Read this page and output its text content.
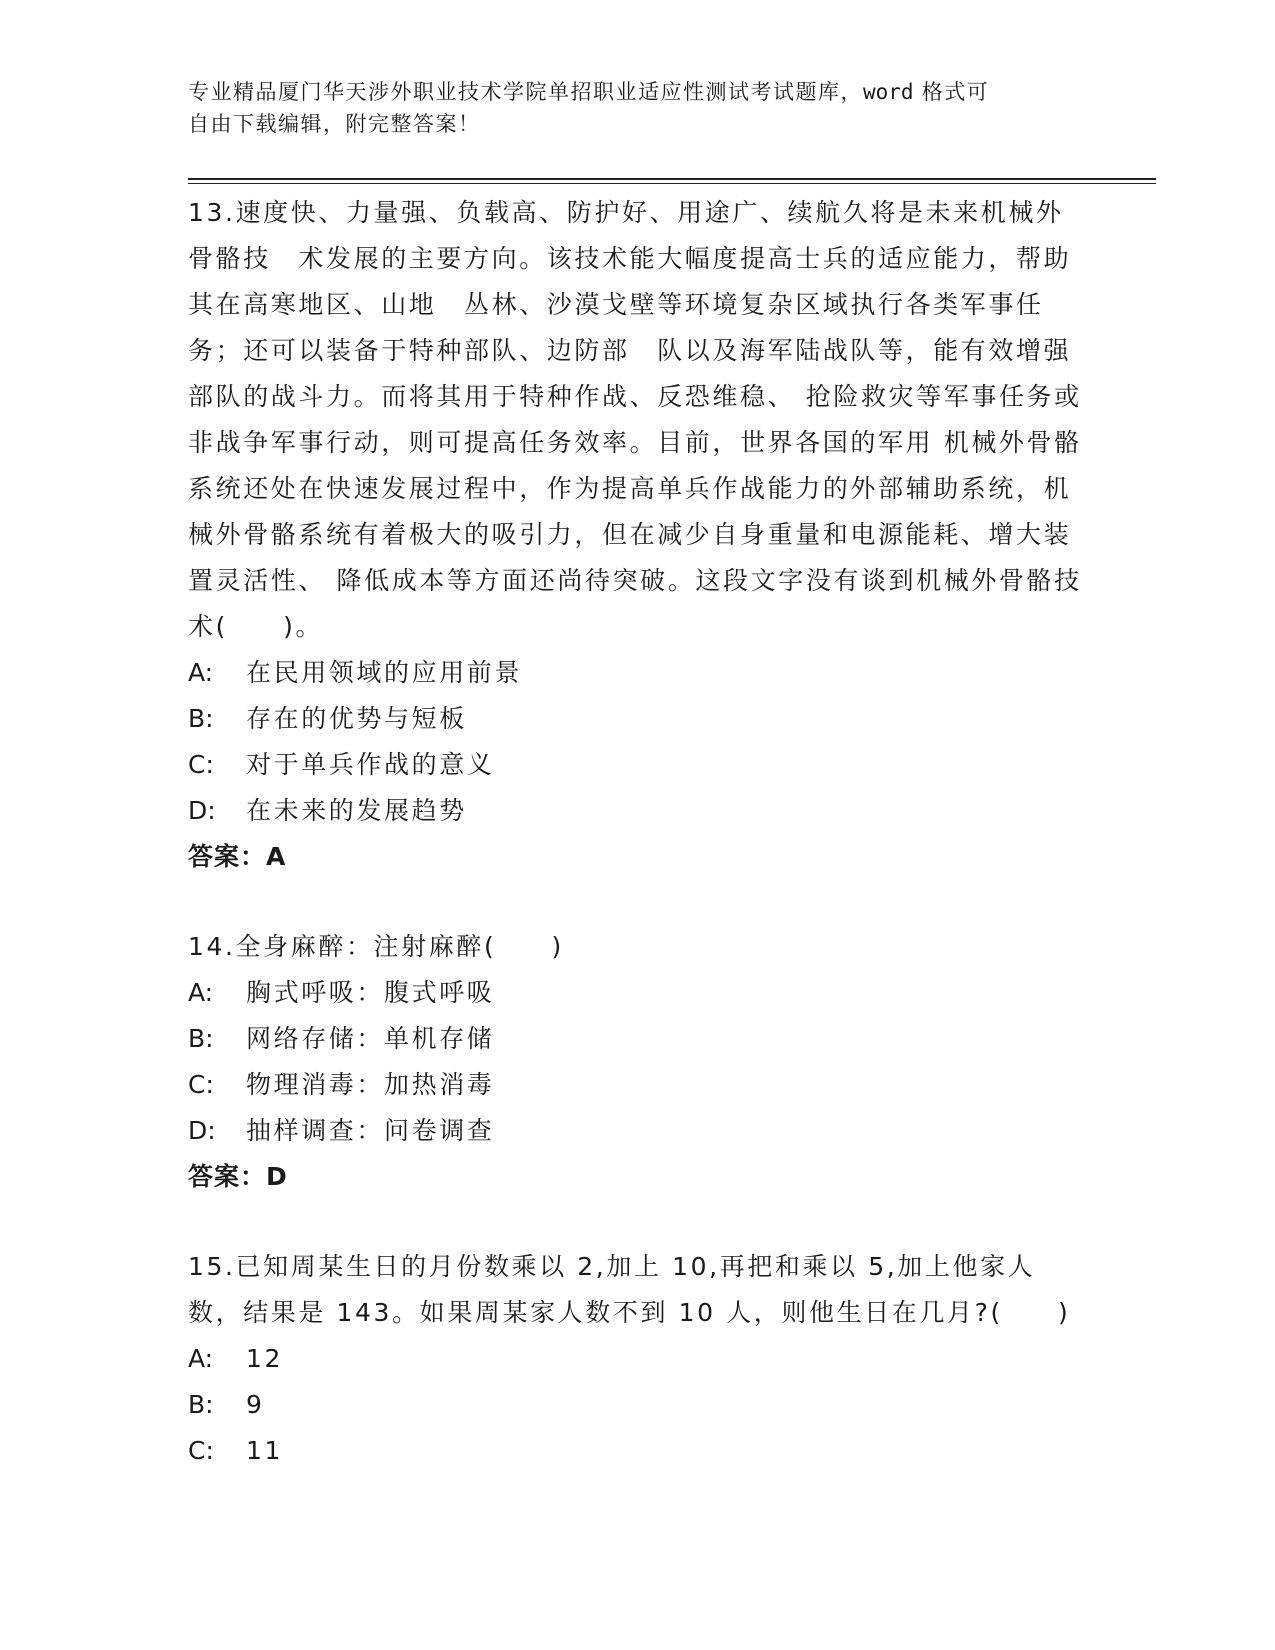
专业精品厦门华天涉外职业技术学院单招职业适应性测试考试题库，word 格式可
自由下载编辑，附完整答案！

13.速度快、力量强、负载高、防护好、用途广、续航久将是未来机械外骨骼技　术发展的主要方向。该技术能大幅度提高士兵的适应能力，帮助其在高寒地区、山地　丛林、沙漠戈壁等环境复杂区域执行各类军事任务；还可以装备于特种部队、边防部　队以及海军陆战队等，能有效增强部队的战斗力。而将其用于特种作战、反恐维稳、 抢险救灾等军事任务或非战争军事行动，则可提高任务效率。目前，世界各国的军用 机械外骨骼系统还处在快速发展过程中，作为提高单兵作战能力的外部辅助系统，机　械外骨骼系统有着极大的吸引力，但在减少自身重量和电源能耗、增大装置灵活性、 降低成本等方面还尚待突破。这段文字没有谈到机械外骨骼技术(　　)。

A: 在民用领域的应用前景

B: 存在的优势与短板

C: 对于单兵作战的意义

D: 在未来的发展趋势

答案：A

14.全身麻醉：注射麻醉(　　)

A: 胸式呼吸：腹式呼吸

B: 网络存储：单机存储

C: 物理消毒：加热消毒

D: 抽样调查：问卷调查

答案：D

15.已知周某生日的月份数乘以 2,加上 10,再把和乘以 5,加上他家人数，结果是 143。如果周某家人数不到 10 人，则他生日在几月?(　　)

A: 12

B: 9

C: 11
